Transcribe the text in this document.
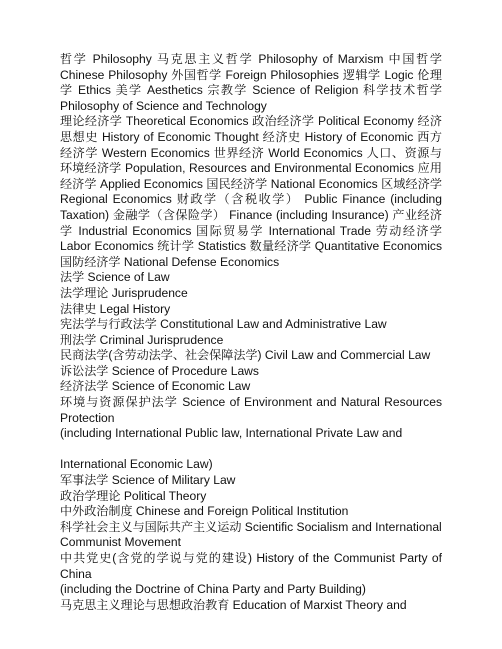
哲学 Philosophy 马克思主义哲学 Philosophy of Marxism 中国哲学 Chinese Philosophy 外国哲学 Foreign Philosophies 逻辑学 Logic 伦理学 Ethics 美学 Aesthetics 宗教学 Science of Religion 科学技术哲学 Philosophy of Science and Technology

理论经济学 Theoretical Economics 政治经济学 Political Economy 经济思想史 History of Economic Thought 经济史 History of Economic 西方经济学 Western Economics 世界经济 World Economics 人口、资源与环境经济学 Population, Resources and Environmental Economics 应用经济学 Applied Economics 国民经济学 National Economics 区域经济学 Regional Economics 财政学（含税收学） Public Finance (including Taxation) 金融学（含保险学） Finance (including Insurance) 产业经济学 Industrial Economics 国际贸易学 International Trade 劳动经济学 Labor Economics 统计学 Statistics 数量经济学 Quantitative Economics 国防经济学 National Defense Economics

法学 Science of Law

法学理论 Jurisprudence

法律史 Legal History

宪法学与行政法学 Constitutional Law and Administrative Law

刑法学 Criminal Jurisprudence

民商法学(含劳动法学、社会保障法学) Civil Law and Commercial Law

诉讼法学 Science of Procedure Laws

经济法学 Science of Economic Law

环境与资源保护法学 Science of Environment and Natural Resources Protection

(including International Public law, International Private Law and

International Economic Law)

军事法学 Science of Military Law

政治学理论 Political Theory

中外政治制度 Chinese and Foreign Political Institution

科学社会主义与国际共产主义运动 Scientific Socialism and International

Communist Movement

中共党史(含党的学说与党的建设) History of the Communist Party of China

(including the Doctrine of China Party and Party Building)

马克思主义理论与思想政治教育 Education of Marxist Theory and
